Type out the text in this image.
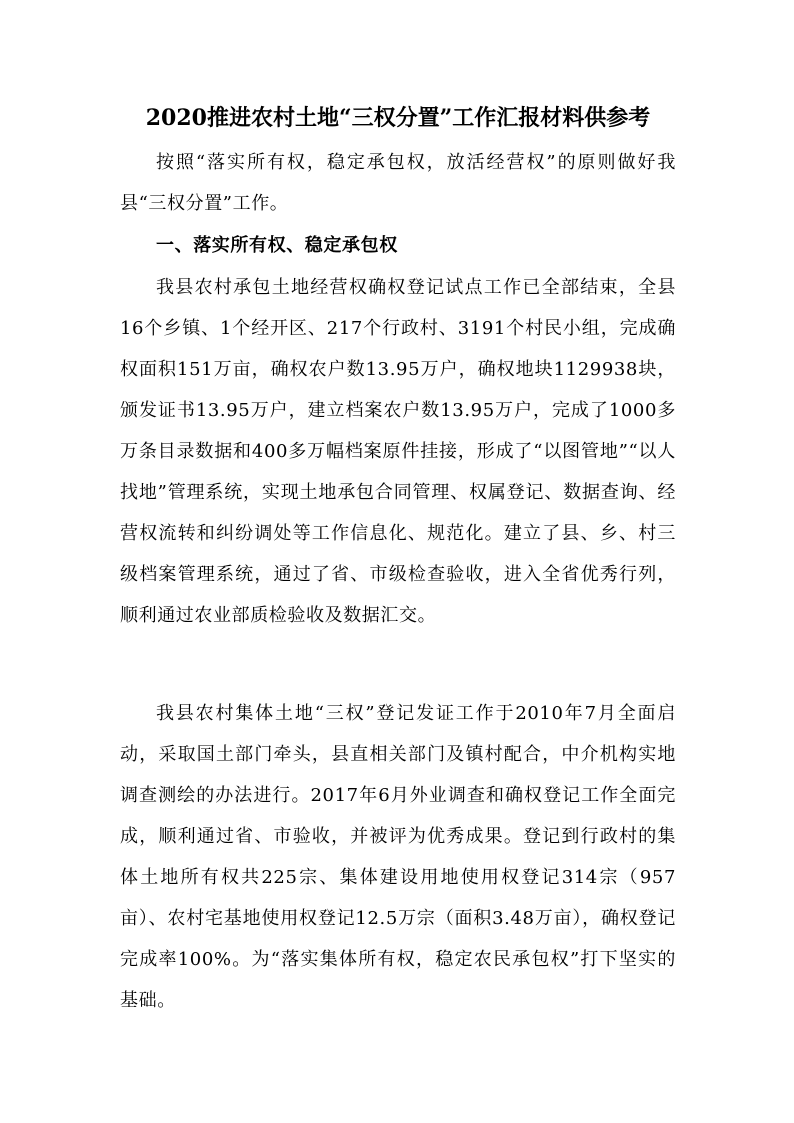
2020推进农村土地“三权分置”工作汇报材料供参考
按照“落实所有权，稳定承包权，放活经营权”的原则做好我县“三权分置”工作。
一、落实所有权、稳定承包权
我县农村承包土地经营权确权登记试点工作已全部结束，全县16个乡镇、1个经开区、217个行政村、3191个村民小组，完成确权面积151万亩，确权农户数13.95万户，确权地块1129938块，颁发证书13.95万户，建立档案农户数13.95万户，完成了1000多万条目录数据和400多万幅档案原件挂接，形成了“以图管地”“以人找地”管理系统，实现土地承包合同管理、权属登记、数据查询、经营权流转和纠纷调处等工作信息化、规范化。建立了县、乡、村三级档案管理系统，通过了省、市级检查验收，进入全省优秀行列，顺利通过农业部质检验收及数据汇交。
我县农村集体土地“三权”登记发证工作于2010年7月全面启动，采取国土部门牵头，县直相关部门及镇村配合，中介机构实地调查测绘的办法进行。2017年6月外业调查和确权登记工作全面完成，顺利通过省、市验收，并被评为优秀成果。登记到行政村的集体土地所有权共225宗、集体建设用地使用权登记314宗（957亩）、农村宅基地使用权登记12.5万宗（面积3.48万亩），确权登记完成率100%。为“落实集体所有权，稳定农民承包权”打下坚实的基础。
